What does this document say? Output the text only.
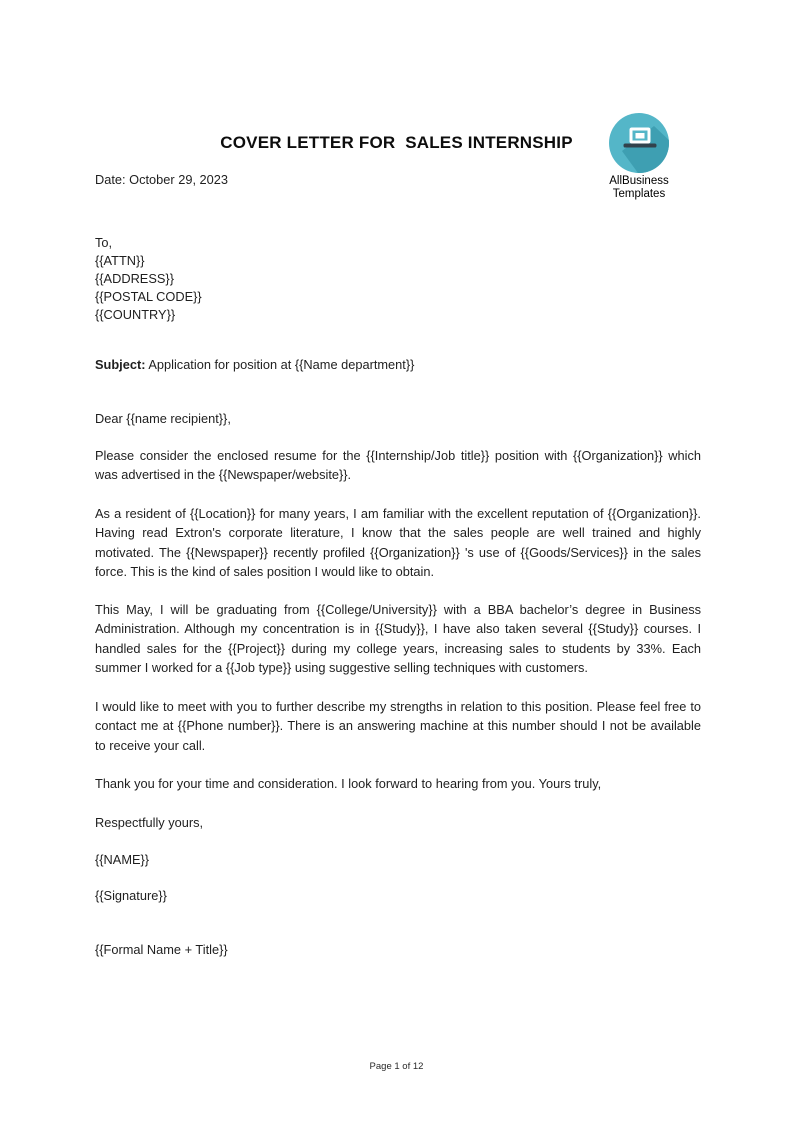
COVER LETTER FOR  SALES INTERNSHIP
AllBusiness
Templates
Date: October 29, 2023
To,
{{ATTN}}
{{ADDRESS}}
{{POSTAL CODE}}
{{COUNTRY}}
Subject: Application for position at {{Name department}}
Dear {{name recipient}},
Please consider the enclosed resume for the {{Internship/Job title}} position with {{Organization}} which was advertised in the {{Newspaper/website}}.
As a resident of {{Location}} for many years, I am familiar with the excellent reputation of {{Organization}}. Having read Extron's corporate literature, I know that the sales people are well trained and highly motivated. The {{Newspaper}} recently profiled {{Organization}} 's use of {{Goods/Services}} in the sales force. This is the kind of sales position I would like to obtain.
This May, I will be graduating from {{College/University}} with a BBA bachelor’s degree in Business Administration. Although my concentration is in {{Study}}, I have also taken several {{Study}} courses. I handled sales for the {{Project}} during my college years, increasing sales to students by 33%. Each summer I worked for a {{Job type}} using suggestive selling techniques with customers.
I would like to meet with you to further describe my strengths in relation to this position. Please feel free to contact me at {{Phone number}}. There is an answering machine at this number should I not be available to receive your call.
Thank you for your time and consideration. I look forward to hearing from you. Yours truly,
Respectfully yours,
{{NAME}}
{{Signature}}
{{Formal Name + Title}}
Page 1 of 12
